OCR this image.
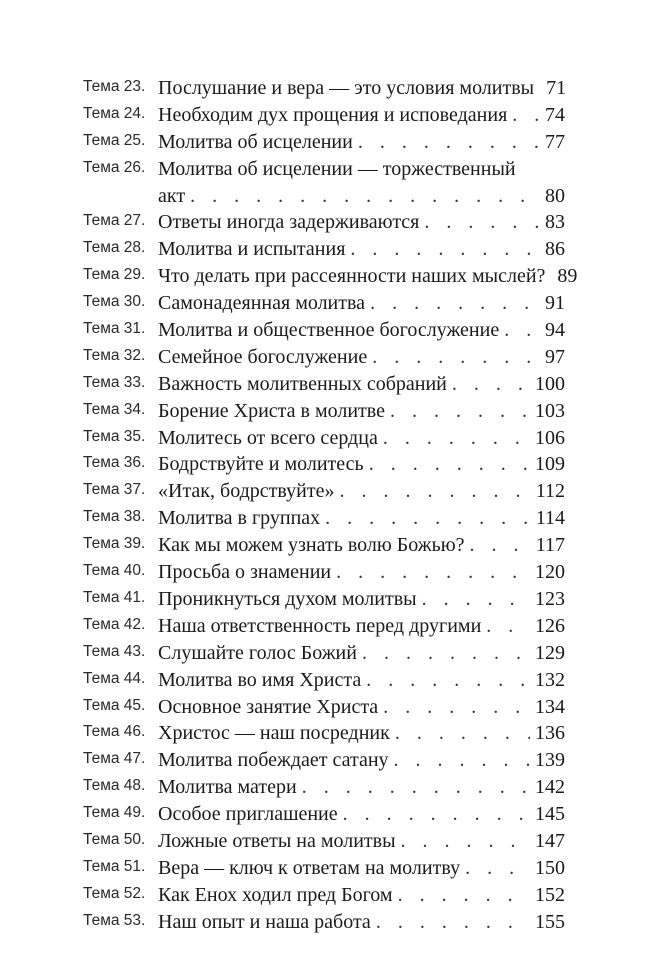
Тема 23. Послушание и вера — это условия молитвы 71
Тема 24. Необходим дух прощения и исповедания . . . 74
Тема 25. Молитва об исцелении . . .	77
Тема 26. Молитва об исцелении — торжественный
акт . . .	80
Тема 27. Ответы иногда задерживаются . . .	83
Тема 28. Молитва и испытания . . .	86
Тема 29. Что делать при рассеянности наших мыслей? 89
Тема 30. Самонадеянная молитва . . .	91
Тема 31. Молитва и общественное богослужение . . . 94
Тема 32. Семейное богослужение . . .	97
Тема 33. Важность молитвенных собраний . . .	100
Тема 34. Борение Христа в молитве . . .	103
Тема 35. Молитесь от всего сердца . . .	106
Тема 36. Бодрствуйте и молитесь . . .	109
Тема 37. «Итак, бодрствуйте» . . .	112
Тема 38. Молитва в группах . . .	114
Тема 39. Как мы можем узнать волю Божью? . . .	117
Тема 40. Просьба о знамении . . .	120
Тема 41. Проникнуться духом молитвы . . .	123
Тема 42. Наша ответственность перед другими . . .	126
Тема 43. Слушайте голос Божий . . .	129
Тема 44. Молитва во имя Христа . . .	132
Тема 45. Основное занятие Христа . . .	134
Тема 46. Христос — наш посредник . . .	136
Тема 47. Молитва побеждает сатану . . .	139
Тема 48. Молитва матери . . .	142
Тема 49. Особое приглашение . . .	145
Тема 50. Ложные ответы на молитвы . . .	147
Тема 51. Вера — ключ к ответам на молитву . . .	150
Тема 52. Как Енох ходил пред Богом . . .	152
Тема 53. Наш опыт и наша работа . . .	155
